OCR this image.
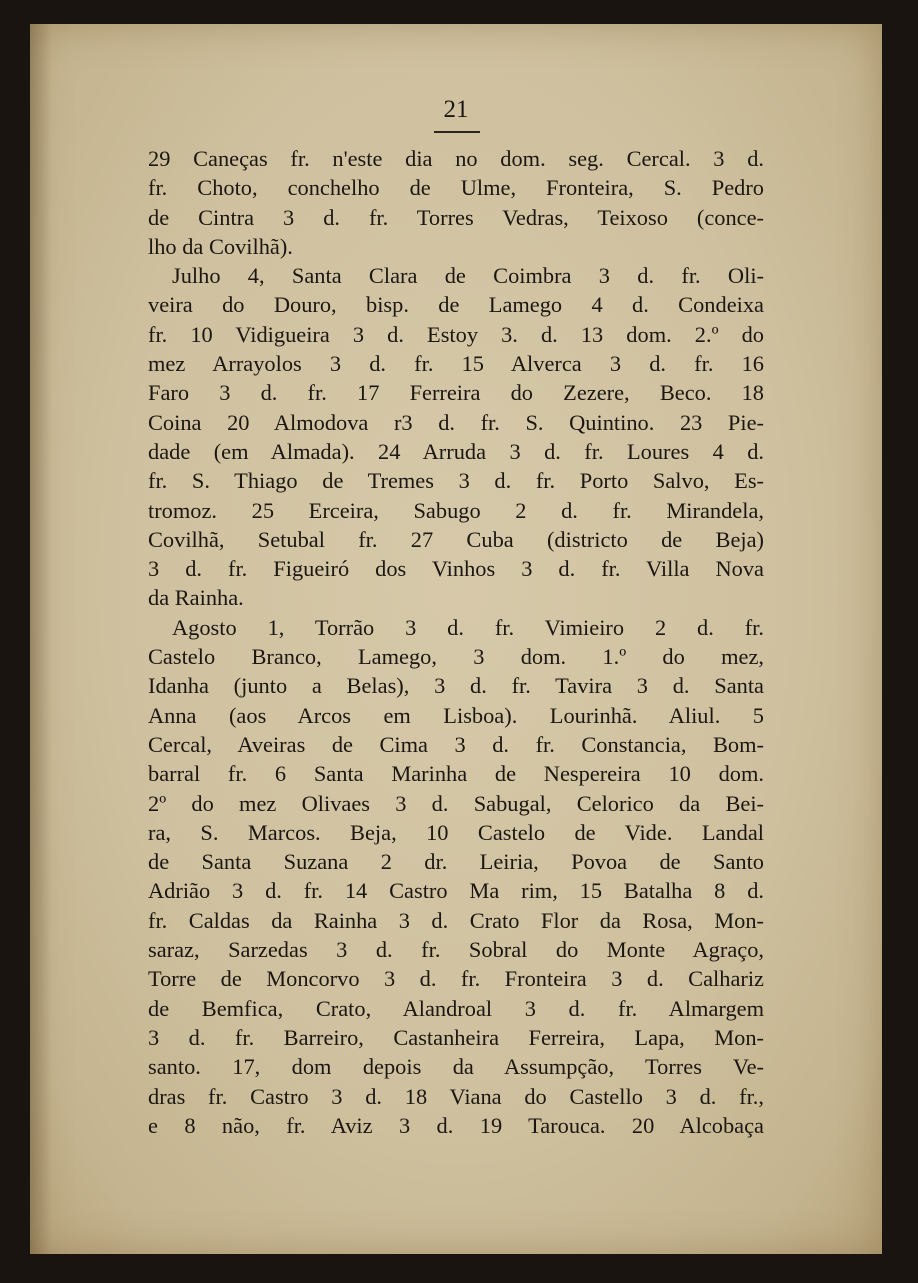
21
29 Caneças fr. n'este dia no dom. seg. Cercal. 3 d.
fr. Choto, conchelho de Ulme, Fronteira, S. Pedro
de Cintra 3 d. fr. Torres Vedras, Teixoso (conce-
lho da Covilhã).
Julho 4, Santa Clara de Coimbra 3 d. fr. Oli-
veira do Douro, bisp. de Lamego 4 d. Condeixa
fr. 10 Vidigueira 3 d. Estoy 3. d. 13 dom. 2.º do
mez Arrayolos 3 d. fr. 15 Alverca 3 d. fr. 16
Faro 3 d. fr. 17 Ferreira do Zezere, Beco. 18
Coina 20 Almodova r3 d. fr. S. Quintino. 23 Pie-
dade (em Almada). 24 Arruda 3 d. fr. Loures 4 d.
fr. S. Thiago de Tremes 3 d. fr. Porto Salvo, Es-
tromoz. 25 Erceira, Sabugo 2 d. fr. Mirandela,
Covilhã, Setubal fr. 27 Cuba (districto de Beja)
3 d. fr. Figueiró dos Vinhos 3 d. fr. Villa Nova
da Rainha.
Agosto 1, Torrão 3 d. fr. Vimieiro 2 d. fr.
Castelo Branco, Lamego, 3 dom. 1.º do mez,
Idanha (junto a Belas), 3 d. fr. Tavira 3 d. Santa
Anna (aos Arcos em Lisboa). Lourinhã. Aliul. 5
Cercal, Aveiras de Cima 3 d. fr. Constancia, Bom-
barral fr. 6 Santa Marinha de Nespereira 10 dom.
2º do mez Olivaes 3 d. Sabugal, Celorico da Bei-
ra, S. Marcos. Beja, 10 Castelo de Vide. Landal
de Santa Suzana 2 dr. Leiria, Povoa de Santo
Adrião 3 d. fr. 14 Castro Ma rim, 15 Batalha 8 d.
fr. Caldas da Rainha 3 d. Crato Flor da Rosa, Mon-
saraz, Sarzedas 3 d. fr. Sobral do Monte Agraço,
Torre de Moncorvo 3 d. fr. Fronteira 3 d. Calhariz
de Bemfica, Crato, Alandroal 3 d. fr. Almargem
3 d. fr. Barreiro, Castanheira Ferreira, Lapa, Mon-
santo. 17, dom depois da Assumpção, Torres Ve-
dras fr. Castro 3 d. 18 Viana do Castello 3 d. fr.,
e 8 não, fr. Aviz 3 d. 19 Tarouca. 20 Alcobaça
